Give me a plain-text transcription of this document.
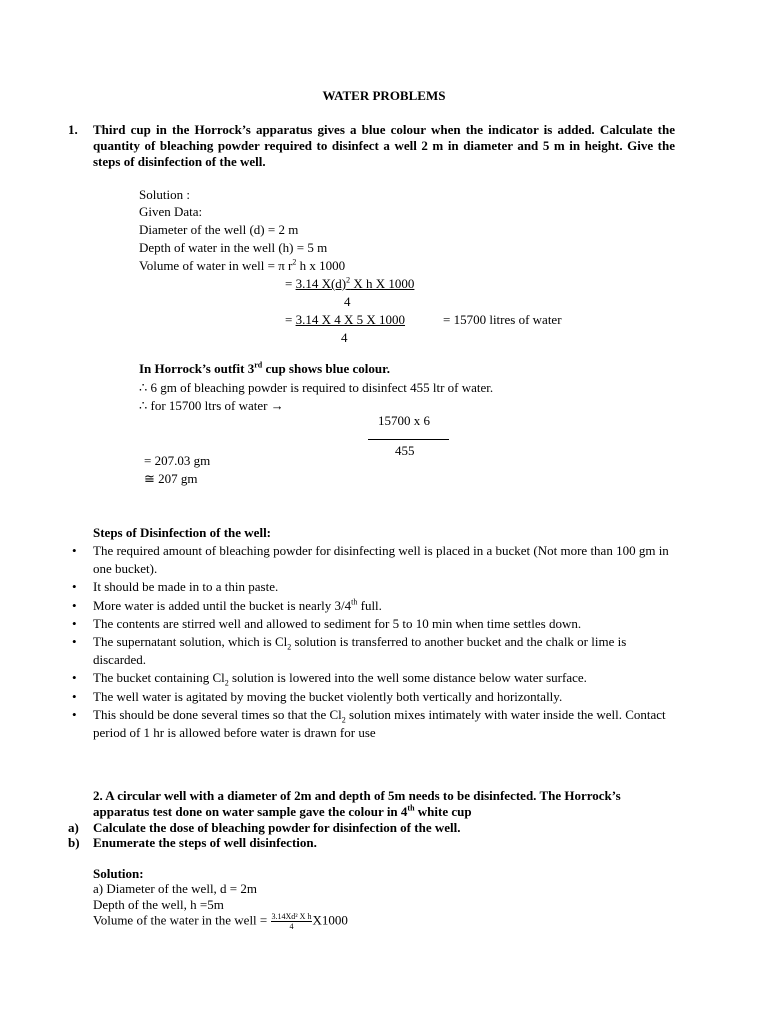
WATER PROBLEMS
1. Third cup in the Horrock’s apparatus gives a blue colour when the indicator is added. Calculate the quantity of bleaching powder required to disinfect a well 2 m in diameter and 5 m in height. Give the steps of disinfection of the well.
Solution :
Given Data:
Diameter of the well (d) = 2 m
Depth of water in the well (h) = 5 m
Volume of water in well = π $r^2$ h x 1000
= 3.14 $X(d)^2$ X h X 1000
4
= 3.14 X 4 X 5 X 1000	= 15700 litres of water
4
In Horrock’s outfit 3rd cup shows blue colour.
∴ 6 gm of bleaching powder is required to disinfect 455 ltr of water.
∴ for 15700 ltrs of water →
15700 x 6
455
= 207.03 gm
≅ 207 gm
Steps of Disinfection of the well:
• The required amount of bleaching powder for disinfecting well is placed in a bucket (Not more than 100 gm in one bucket).
• It should be made in to a thin paste.
• More water is added until the bucket is nearly 3/4th full.
• The contents are stirred well and allowed to sediment for 5 to 10 min when time settles down.
• The supernatant solution, which is $Cl_2$ solution is transferred to another bucket and the chalk or lime is discarded.
• The bucket containing $Cl_2$ solution is lowered into the well some distance below water surface.
• The well water is agitated by moving the bucket violently both vertically and horizontally.
• This should be done several times so that the $Cl_2$ solution mixes intimately with water inside the well. Contact period of 1 hr is allowed before water is drawn for use
2. A circular well with a diameter of 2m and depth of 5m needs to be disinfected. The Horrock’s
apparatus test done on water sample gave the colour in 4th white cup
a) Calculate the dose of bleaching powder for disinfection of the well.
b) Enumerate the steps of well disinfection.
Solution:
a) Diameter of the well, d = 2m
Depth of the well, h =5m
Volume of the water in the well = $\frac{\text{3.14Xd² X h}}{4} X1000$
